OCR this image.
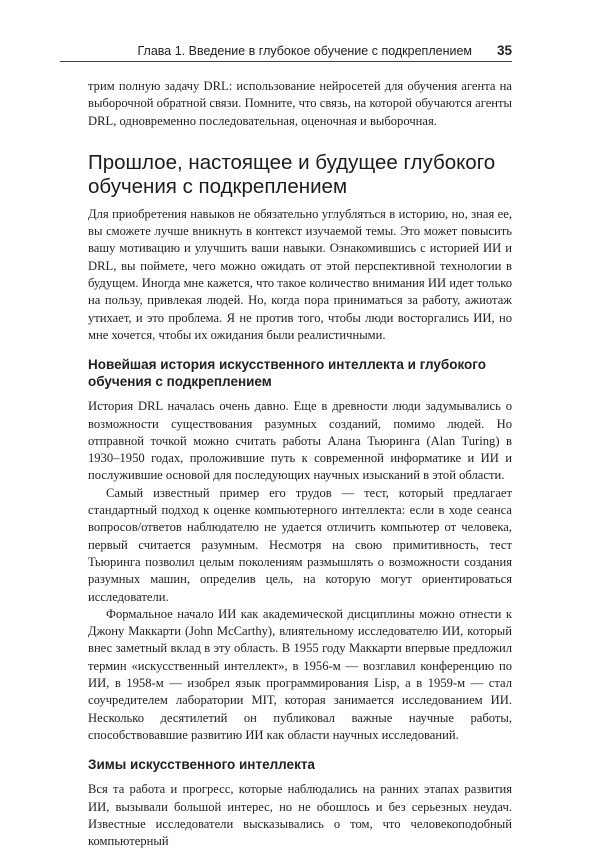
Глава 1. Введение в глубокое обучение с подкреплением 35

трим полную задачу DRL: использование нейросетей для обучения агента на выборочной обратной связи. Помните, что связь, на которой обучаются агенты DRL, одновременно последовательная, оценочная и выборочная.

Прошлое, настоящее и будущее глубокого обучения с подкреплением

Для приобретения навыков не обязательно углубляться в историю, но, зная ее, вы сможете лучше вникнуть в контекст изучаемой темы. Это может повысить вашу мотивацию и улучшить ваши навыки. Ознакомившись с историей ИИ и DRL, вы поймете, чего можно ожидать от этой перспективной технологии в будущем. Иногда мне кажется, что такое количество внимания ИИ идет только на пользу, привлекая людей. Но, когда пора приниматься за работу, ажиотаж утихает, и это проблема. Я не против того, чтобы люди восторгались ИИ, но мне хочется, чтобы их ожидания были реалистичными.

Новейшая история искусственного интеллекта и глубокого обучения с подкреплением

История DRL началась очень давно. Еще в древности люди задумывались о возможности существования разумных созданий, помимо людей. Но отправной точкой можно считать работы Алана Тьюринга (Alan Turing) в 1930–1950 годах, проложившие путь к современной информатике и ИИ и послужившие основой для последующих научных изысканий в этой области.

Самый известный пример его трудов — тест, который предлагает стандартный подход к оценке компьютерного интеллекта: если в ходе сеанса вопросов/ответов наблюдателю не удается отличить компьютер от человека, первый считается разумным. Несмотря на свою примитивность, тест Тьюринга позволил целым поколениям размышлять о возможности создания разумных машин, определив цель, на которую могут ориентироваться исследователи.

Формальное начало ИИ как академической дисциплины можно отнести к Джону Маккарти (John McCarthy), влиятельному исследователю ИИ, который внес заметный вклад в эту область. В 1955 году Маккарти впервые предложил термин «искусственный интеллект», в 1956-м — возглавил конференцию по ИИ, в 1958-м — изобрел язык программирования Lisp, а в 1959-м — стал соучредителем лаборатории MIT, которая занимается исследованием ИИ. Несколько десятилетий он публиковал важные научные работы, способствовавшие развитию ИИ как области научных исследований.

Зимы искусственного интеллекта

Вся та работа и прогресс, которые наблюдались на ранних этапах развития ИИ, вызывали большой интерес, но не обошлось и без серьезных неудач. Известные исследователи высказывались о том, что человекоподобный компьютерный
